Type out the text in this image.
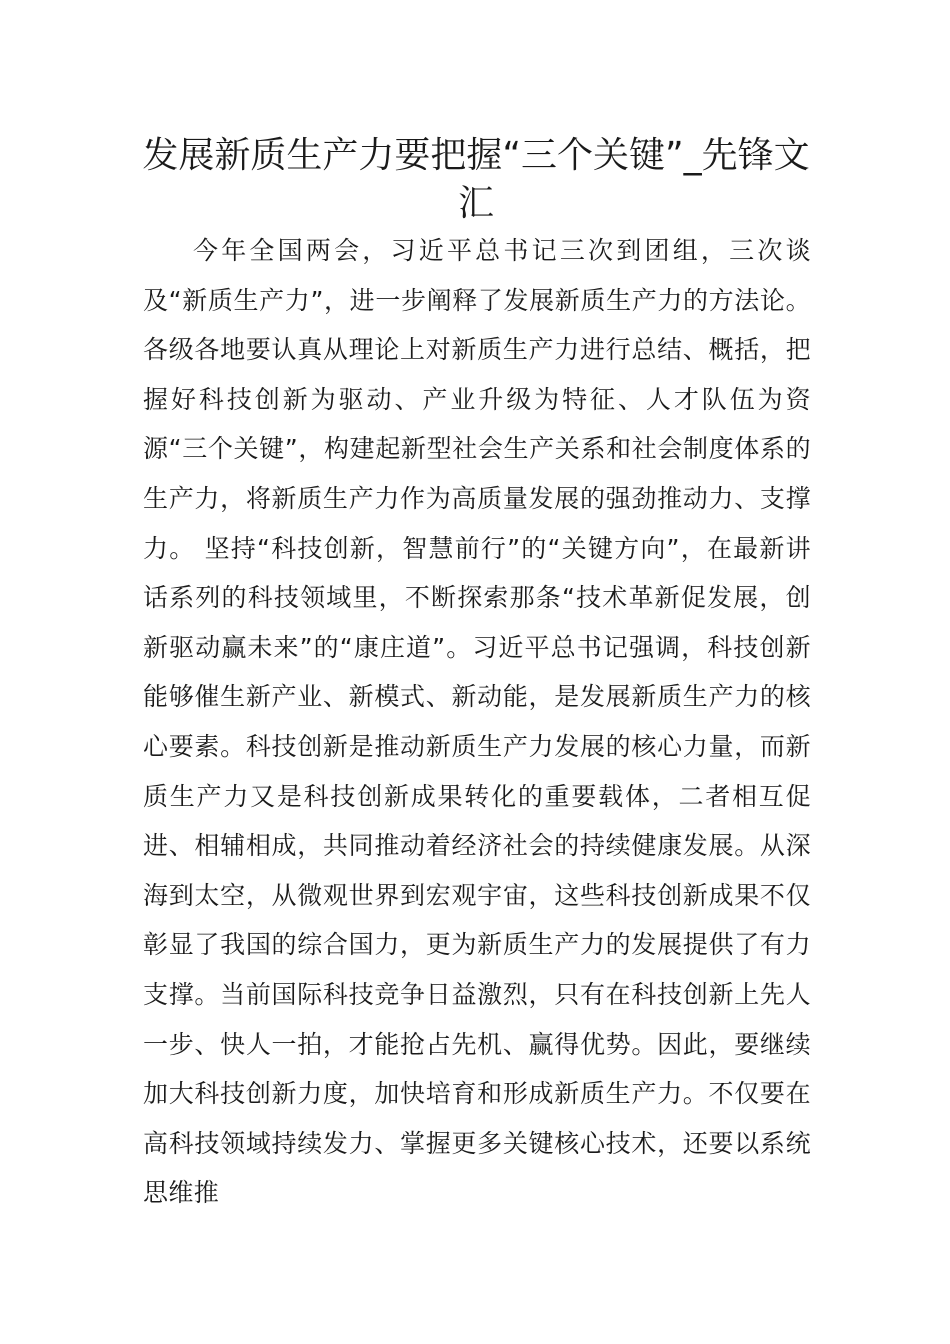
发展新质生产力要把握“三个关键”_先锋文汇

今年全国两会，习近平总书记三次到团组，三次谈及“新质生产力”，进一步阐释了发展新质生产力的方法论。各级各地要认真从理论上对新质生产力进行总结、概括，把握好科技创新为驱动、产业升级为特征、人才队伍为资源“三个关键”，构建起新型社会生产关系和社会制度体系的生产力，将新质生产力作为高质量发展的强劲推动力、支撑力。 坚持“科技创新，智慧前行”的“关键方向”，在最新讲话系列的科技领域里，不断探索那条“技术革新促发展，创新驱动赢未来”的“康庄道”。习近平总书记强调，科技创新能够催生新产业、新模式、新动能，是发展新质生产力的核心要素。科技创新是推动新质生产力发展的核心力量，而新质生产力又是科技创新成果转化的重要载体，二者相互促进、相辅相成，共同推动着经济社会的持续健康发展。从深海到太空，从微观世界到宏观宇宙，这些科技创新成果不仅彰显了我国的综合国力，更为新质生产力的发展提供了有力支撑。当前国际科技竞争日益激烈，只有在科技创新上先人一步、快人一拍，才能抢占先机、赢得优势。因此，要继续加大科技创新力度，加快培育和形成新质生产力。不仅要在高科技领域持续发力、掌握更多关键核心技术，还要以系统思维推
